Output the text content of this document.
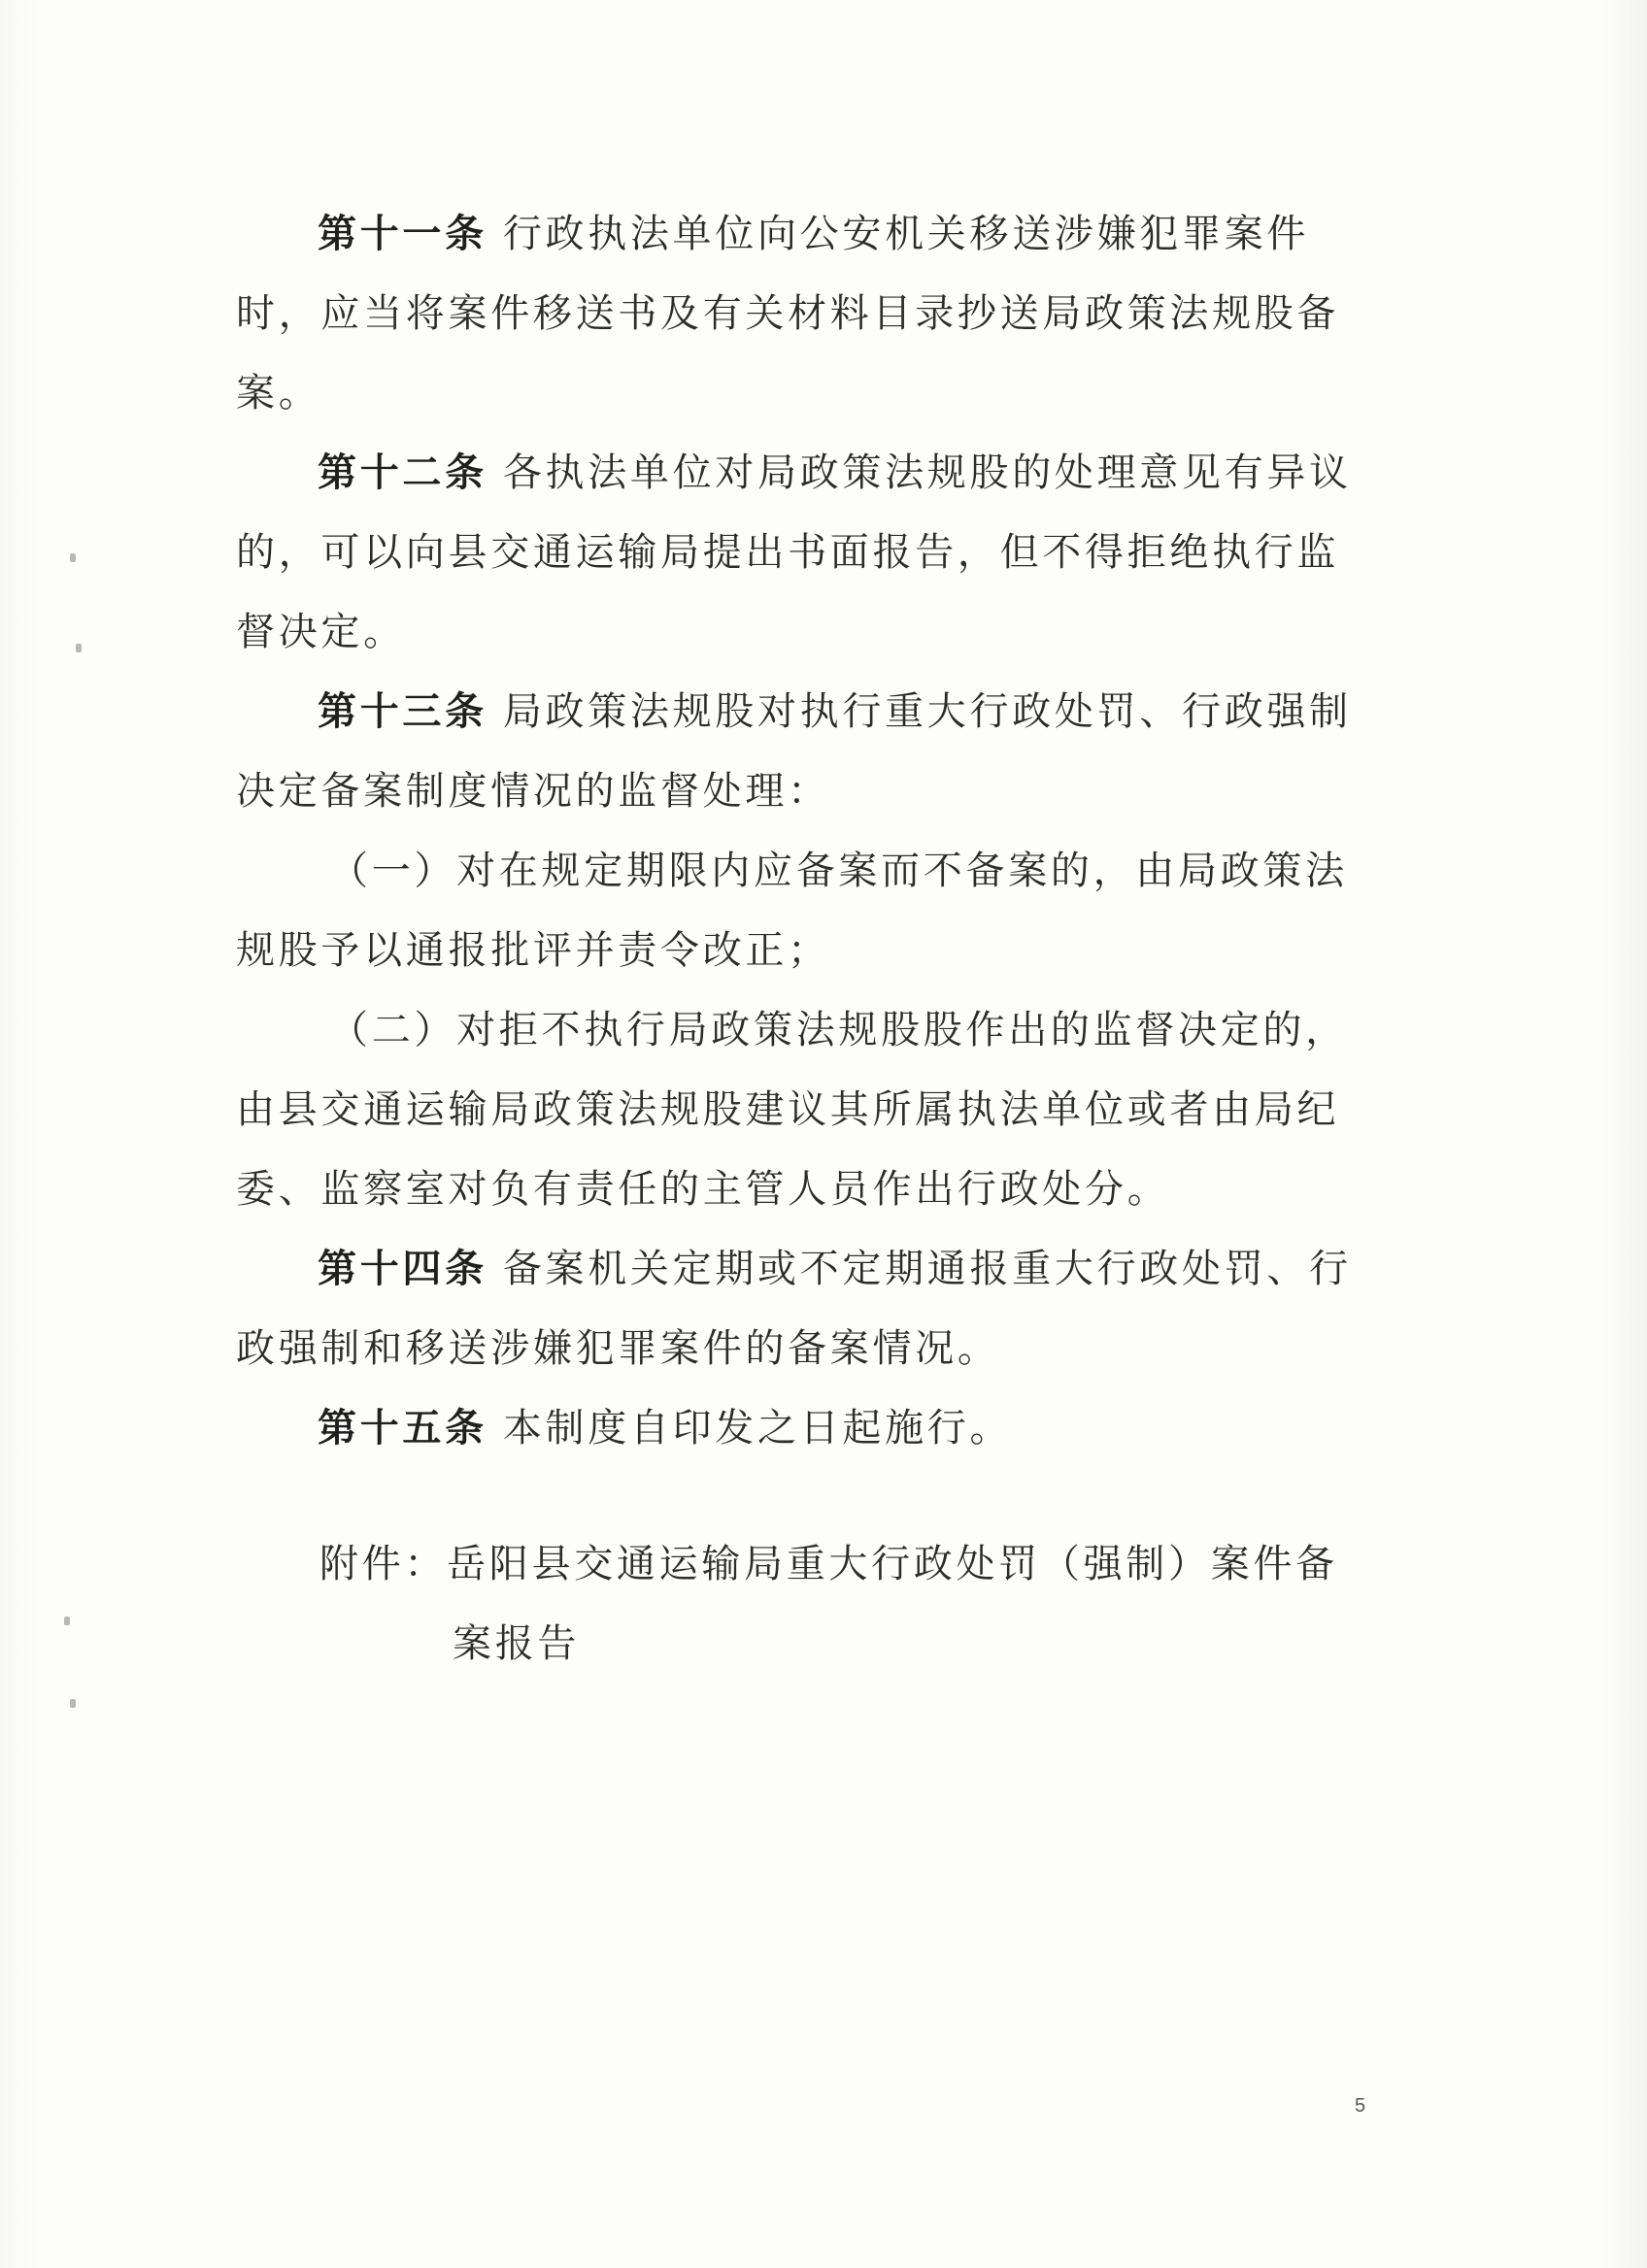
第十一条 行政执法单位向公安机关移送涉嫌犯罪案件时，应当将案件移送书及有关材料目录抄送局政策法规股备案。

第十二条 各执法单位对局政策法规股的处理意见有异议的，可以向县交通运输局提出书面报告，但不得拒绝执行监督决定。

第十三条 局政策法规股对执行重大行政处罚、行政强制决定备案制度情况的监督处理：

（一）对在规定期限内应备案而不备案的，由局政策法规股予以通报批评并责令改正；

（二）对拒不执行局政策法规股股作出的监督决定的，由县交通运输局政策法规股建议其所属执法单位或者由局纪委、监察室对负有责任的主管人员作出行政处分。

第十四条 备案机关定期或不定期通报重大行政处罚、行政强制和移送涉嫌犯罪案件的备案情况。

第十五条 本制度自印发之日起施行。

附件：岳阳县交通运输局重大行政处罚（强制）案件备

案报告

5
